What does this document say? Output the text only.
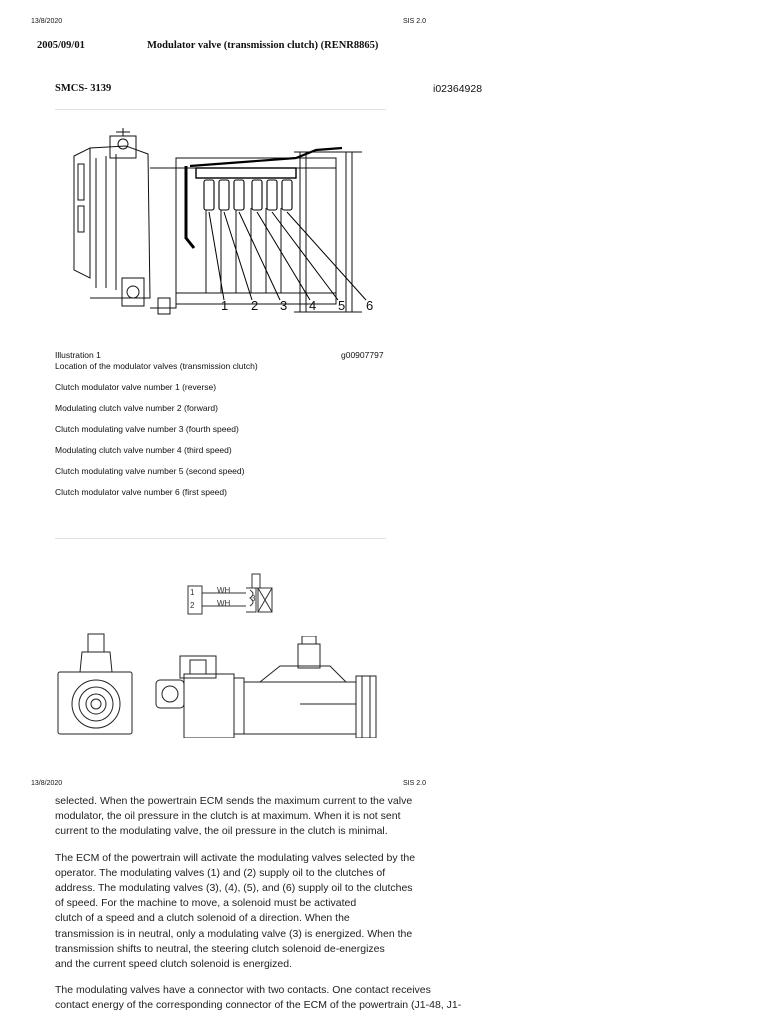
13/8/2020	SIS 2.0
2005/09/01	Modulator valve (transmission clutch) (RENR8865)
SMCS- 3139	i02364928
1 2 3 4 5 6
Illustration 1	g00907797
Location of the modulator valves (transmission clutch)
Clutch modulator valve number 1 (reverse)
Modulating clutch valve number 2 (forward)
Clutch modulating valve number 3 (fourth speed)
Modulating clutch valve number 4 (third speed)
Clutch modulating valve number 5 (second speed)
Clutch modulator valve number 6 (first speed)
1
2
WH
WH
3
13/8/2020	SIS 2.0

selected. When the powertrain ECM sends the maximum current to the valve
modulator, the oil pressure in the clutch is at maximum. When it is not sent
current to the modulating valve, the oil pressure in the clutch is minimal.

The ECM of the powertrain will activate the modulating valves selected by the
operator. The modulating valves (1) and (2) supply oil to the clutches of
address. The modulating valves (3), (4), (5), and (6) supply oil to the clutches
of speed. For the machine to move, a solenoid must be activated
clutch of a speed and a clutch solenoid of a direction. When the
transmission is in neutral, only a modulating valve (3) is energized. When the
transmission shifts to neutral, the steering clutch solenoid de-energizes
and the current speed clutch solenoid is energized.

The modulating valves have a connector with two contacts. One contact receives
contact energy of the corresponding connector of the ECM of the powertrain (J1-48, J1-
